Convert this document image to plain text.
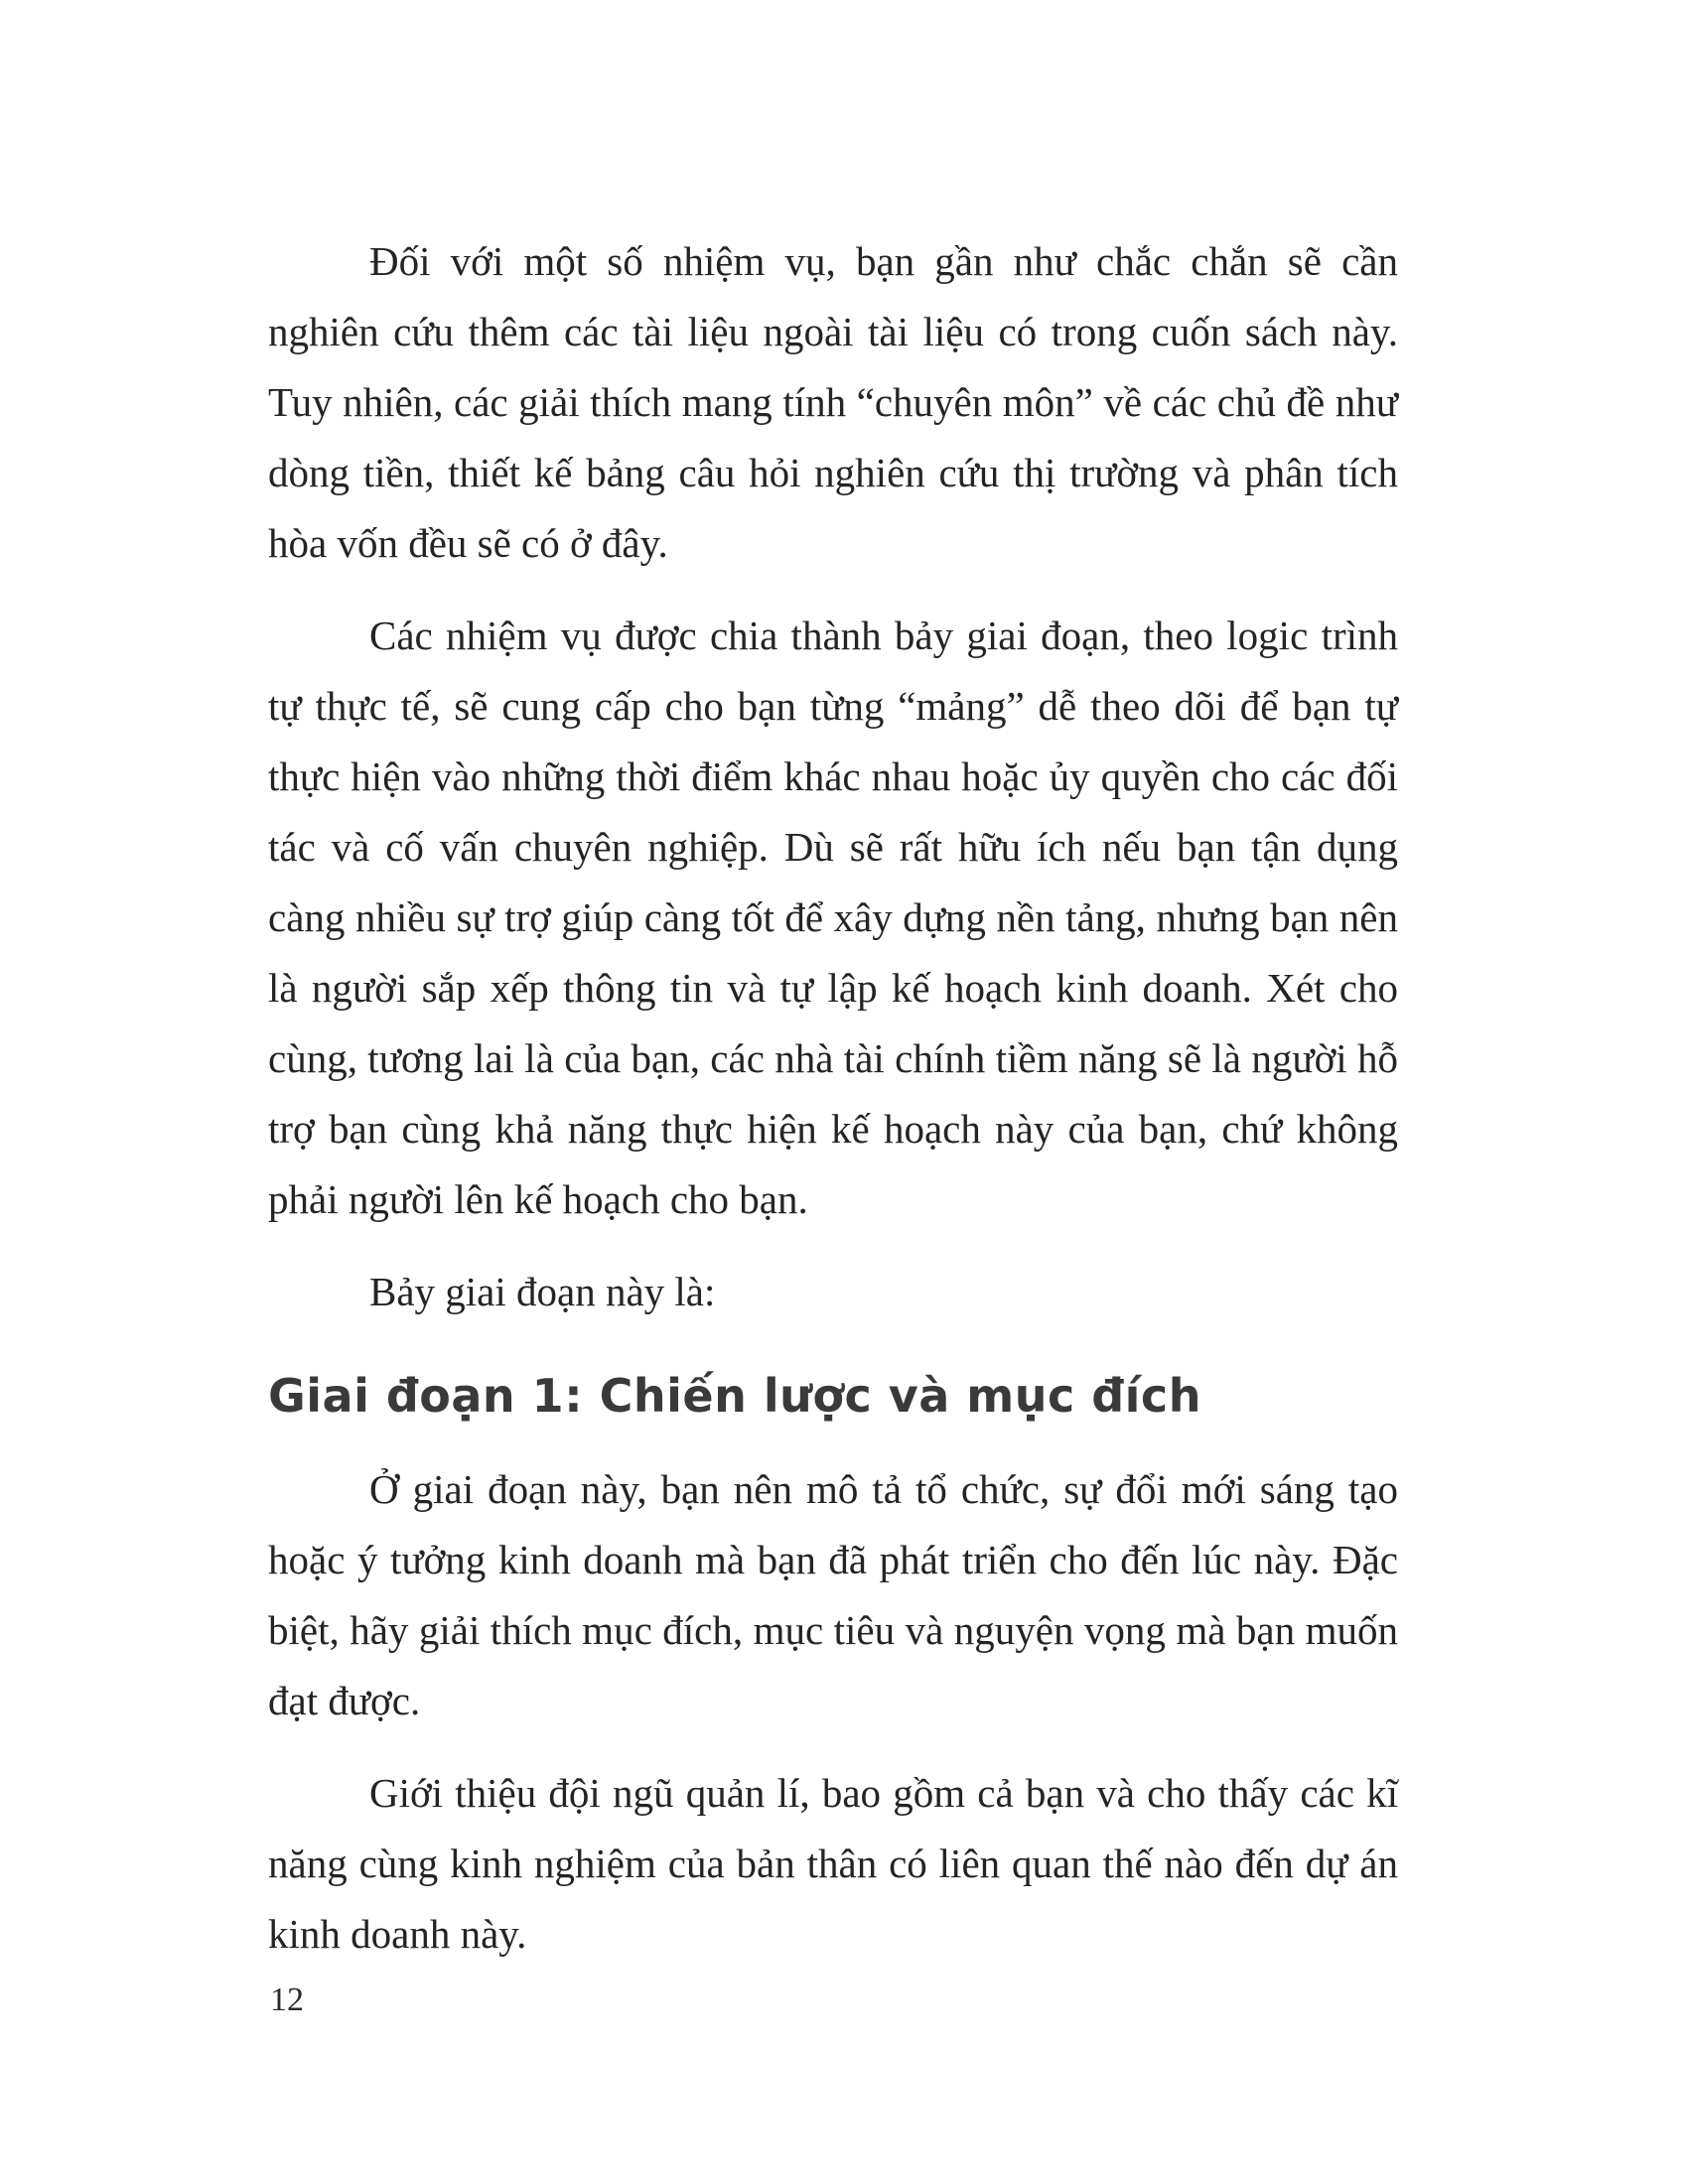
Đối với một số nhiệm vụ, bạn gần như chắc chắn sẽ cần nghiên cứu thêm các tài liệu ngoài tài liệu có trong cuốn sách này. Tuy nhiên, các giải thích mang tính “chuyên môn” về các chủ đề như dòng tiền, thiết kế bảng câu hỏi nghiên cứu thị trường và phân tích hòa vốn đều sẽ có ở đây.

Các nhiệm vụ được chia thành bảy giai đoạn, theo logic trình tự thực tế, sẽ cung cấp cho bạn từng “mảng” dễ theo dõi để bạn tự thực hiện vào những thời điểm khác nhau hoặc ủy quyền cho các đối tác và cố vấn chuyên nghiệp. Dù sẽ rất hữu ích nếu bạn tận dụng càng nhiều sự trợ giúp càng tốt để xây dựng nền tảng, nhưng bạn nên là người sắp xếp thông tin và tự lập kế hoạch kinh doanh. Xét cho cùng, tương lai là của bạn, các nhà tài chính tiềm năng sẽ là người hỗ trợ bạn cùng khả năng thực hiện kế hoạch này của bạn, chứ không phải người lên kế hoạch cho bạn.

Bảy giai đoạn này là:

Giai đoạn 1: Chiến lược và mục đích

Ở giai đoạn này, bạn nên mô tả tổ chức, sự đổi mới sáng tạo hoặc ý tưởng kinh doanh mà bạn đã phát triển cho đến lúc này. Đặc biệt, hãy giải thích mục đích, mục tiêu và nguyện vọng mà bạn muốn đạt được.

Giới thiệu đội ngũ quản lí, bao gồm cả bạn và cho thấy các kĩ năng cùng kinh nghiệm của bản thân có liên quan thế nào đến dự án kinh doanh này.

12
